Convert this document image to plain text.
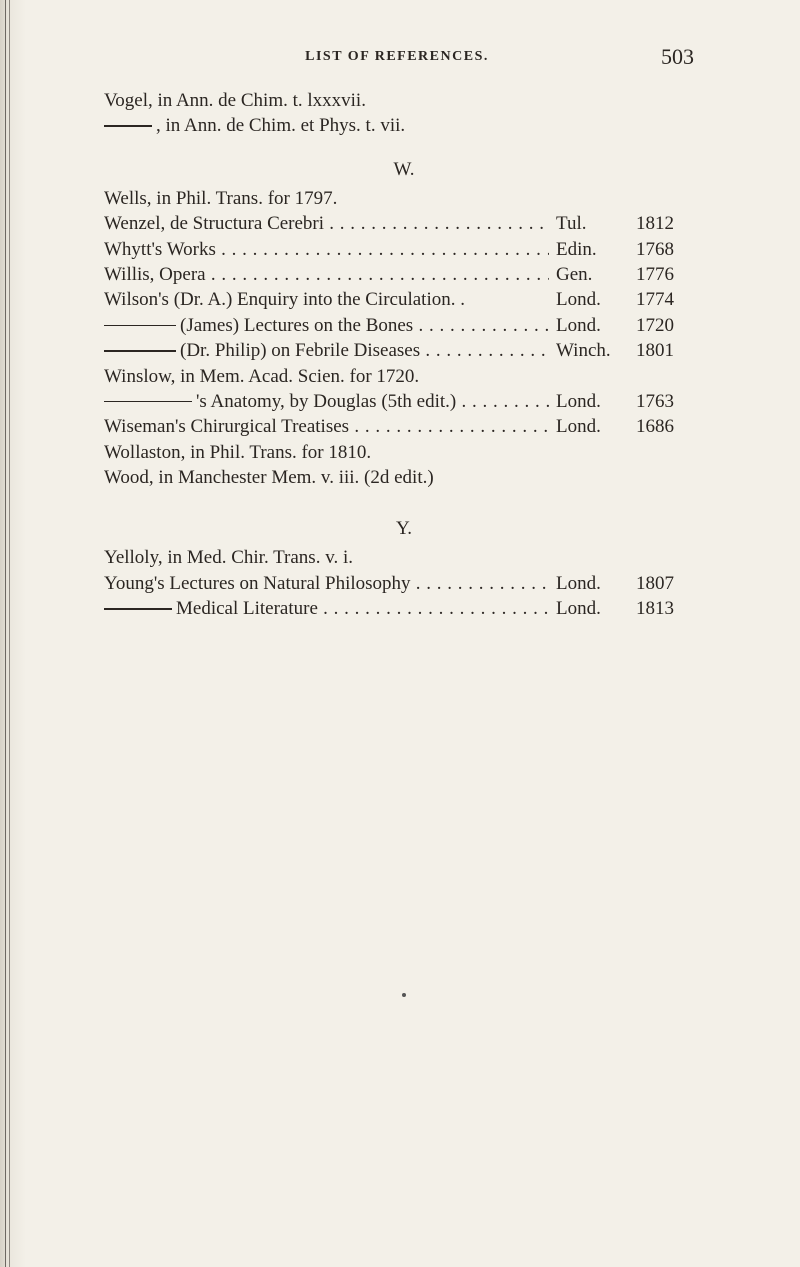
LIST OF REFERENCES.	503
Vogel, in Ann. de Chim. t. lxxxvii.
, in Ann. de Chim. et Phys. t. vii.
W.
Wells, in Phil. Trans. for 1797.
Wenzel, de Structura Cerebri . . .	Tul.	1812
Whytt's Works . . .	Edin. 1768
Willis, Opera . . .	Gen. 1776
Wilson's (Dr. A.) Enquiry into the Circulation. .	Lond. 1774
(James) Lectures on the Bones . . .	Lond. 1720
(Dr. Philip) on Febrile Diseases . . .	Winch. 1801
Winslow, in Mem. Acad. Scien. for 1720.
's Anatomy, by Douglas (5th edit.) . . .	Lond. 1763
Wiseman's Chirurgical Treatises . . .	Lond. 1686
Wollaston, in Phil. Trans. for 1810.
Wood, in Manchester Mem. v. iii. (2d edit.)
Y.
Yelloly, in Med. Chir. Trans. v. i.
Young's Lectures on Natural Philosophy . . .	Lond. 1807
Medical Literature . . .	Lond. 1813
